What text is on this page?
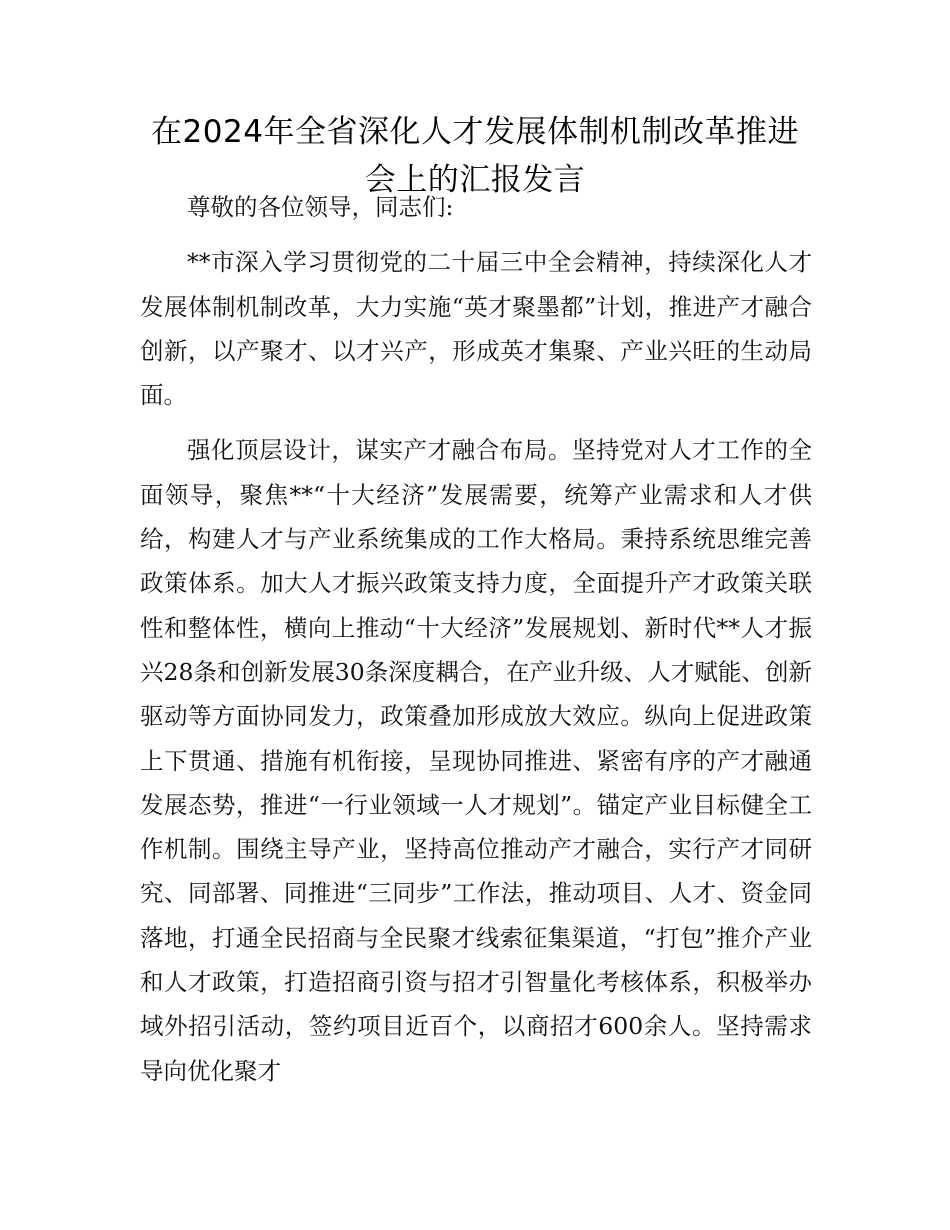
在2024年全省深化人才发展体制机制改革推进
会上的汇报发言

尊敬的各位领导，同志们:

**市深入学习贯彻党的二十届三中全会精神，持续深化人才发展体制机制改革，大力实施“英才聚墨都”计划，推进产才融合创新，以产聚才、以才兴产，形成英才集聚、产业兴旺的生动局面。

强化顶层设计，谋实产才融合布局。坚持党对人才工作的全面领导，聚焦**“十大经济”发展需要，统筹产业需求和人才供给，构建人才与产业系统集成的工作大格局。秉持系统思维完善政策体系。加大人才振兴政策支持力度，全面提升产才政策关联性和整体性，横向上推动“十大经济”发展规划、新时代**人才振兴28条和创新发展30条深度耦合，在产业升级、人才赋能、创新驱动等方面协同发力，政策叠加形成放大效应。纵向上促进政策上下贯通、措施有机衔接，呈现协同推进、紧密有序的产才融通发展态势，推进“一行业领域一人才规划”。锚定产业目标健全工作机制。围绕主导产业，坚持高位推动产才融合，实行产才同研究、同部署、同推进“三同步”工作法，推动项目、人才、资金同落地，打通全民招商与全民聚才线索征集渠道，“打包”推介产业和人才政策，打造招商引资与招才引智量化考核体系，积极举办域外招引活动，签约项目近百个，以商招才600余人。坚持需求导向优化聚才
